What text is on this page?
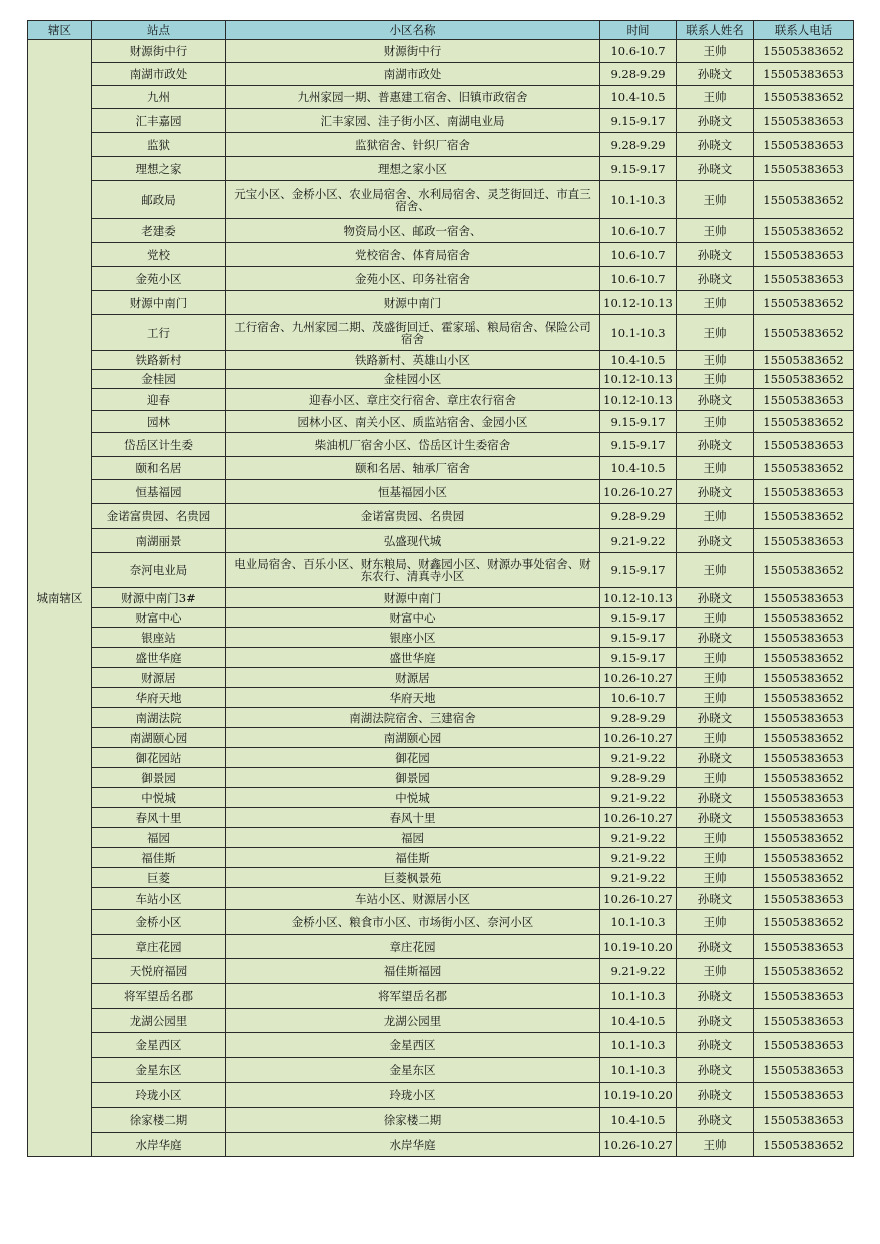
辖区	站点	小区名称	时间	联系人姓名	联系人电话
城南辖区	财源街中行	财源街中行	10.6-10.7	王帅	15505383652
	南湖市政处	南湖市政处	9.28-9.29	孙晓文	15505383653
	九州	九州家园一期、普惠建工宿舍、旧镇市政宿舍	10.4-10.5	王帅	15505383652
	汇丰嘉园	汇丰家园、洼子街小区、南湖电业局	9.15-9.17	孙晓文	15505383653
	监狱	监狱宿舍、针织厂宿舍	9.28-9.29	孙晓文	15505383653
	理想之家	理想之家小区	9.15-9.17	孙晓文	15505383653
	邮政局	元宝小区、金桥小区、农业局宿舍、水利局宿舍、灵芝街回迁、市直三宿舍、	10.1-10.3	王帅	15505383652
	老建委	物资局小区、邮政一宿舍、	10.6-10.7	王帅	15505383652
	党校	党校宿舍、体育局宿舍	10.6-10.7	孙晓文	15505383653
	金苑小区	金苑小区、印务社宿舍	10.6-10.7	孙晓文	15505383653
	财源中南门	财源中南门	10.12-10.13	王帅	15505383652
	工行	工行宿舍、九州家园二期、茂盛街回迁、霍家瑶、粮局宿舍、保险公司宿舍	10.1-10.3	王帅	15505383652
	铁路新村	铁路新村、英雄山小区	10.4-10.5	王帅	15505383652
	金桂园	金桂园小区	10.12-10.13	王帅	15505383652
	迎春	迎春小区、章庄交行宿舍、章庄农行宿舍	10.12-10.13	孙晓文	15505383653
	园林	园林小区、南关小区、质监站宿舍、金园小区	9.15-9.17	王帅	15505383652
	岱岳区计生委	柴油机厂宿舍小区、岱岳区计生委宿舍	9.15-9.17	孙晓文	15505383653
	颐和名居	颐和名居、轴承厂宿舍	10.4-10.5	王帅	15505383652
	恒基福园	恒基福园小区	10.26-10.27	孙晓文	15505383653
	金诺富贵园、名贵园	金诺富贵园、名贵园	9.28-9.29	王帅	15505383652
	南湖丽景	弘盛现代城	9.21-9.22	孙晓文	15505383653
	奈河电业局	电业局宿舍、百乐小区、财东粮局、财鑫园小区、财源办事处宿舍、财东农行、清真寺小区	9.15-9.17	王帅	15505383652
	财源中南门3#	财源中南门	10.12-10.13	孙晓文	15505383653
	财富中心	财富中心	9.15-9.17	王帅	15505383652
	银座站	银座小区	9.15-9.17	孙晓文	15505383653
	盛世华庭	盛世华庭	9.15-9.17	王帅	15505383652
	财源居	财源居	10.26-10.27	王帅	15505383652
	华府天地	华府天地	10.6-10.7	王帅	15505383652
	南湖法院	南湖法院宿舍、三建宿舍	9.28-9.29	孙晓文	15505383653
	南湖颐心园	南湖颐心园	10.26-10.27	王帅	15505383652
	御花园站	御花园	9.21-9.22	孙晓文	15505383653
	御景园	御景园	9.28-9.29	王帅	15505383652
	中悦城	中悦城	9.21-9.22	孙晓文	15505383653
	春风十里	春风十里	10.26-10.27	孙晓文	15505383653
	福园	福园	9.21-9.22	王帅	15505383652
	福佳斯	福佳斯	9.21-9.22	王帅	15505383652
	巨菱	巨菱枫景苑	9.21-9.22	王帅	15505383652
	车站小区	车站小区、财源居小区	10.26-10.27	孙晓文	15505383653
	金桥小区	金桥小区、粮食市小区、市场街小区、奈河小区	10.1-10.3	王帅	15505383652
	章庄花园	章庄花园	10.19-10.20	孙晓文	15505383653
	天悦府福园	福佳斯福园	9.21-9.22	王帅	15505383652
	将军望岳名郡	将军望岳名郡	10.1-10.3	孙晓文	15505383653
	龙湖公园里	龙湖公园里	10.4-10.5	孙晓文	15505383653
	金星西区	金星西区	10.1-10.3	孙晓文	15505383653
	金星东区	金星东区	10.1-10.3	孙晓文	15505383653
	玲珑小区	玲珑小区	10.19-10.20	孙晓文	15505383653
	徐家楼二期	徐家楼二期	10.4-10.5	孙晓文	15505383653
	水岸华庭	水岸华庭	10.26-10.27	王帅	15505383652
